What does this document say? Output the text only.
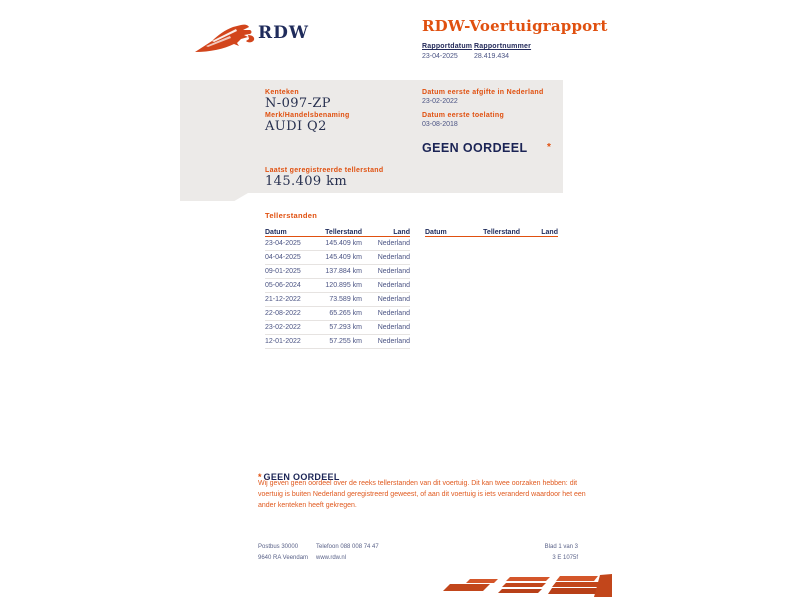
RDW	RDW-Voertuigrapport
Rapportdatum Rapportnummer
23-04-2025 28.419.434
Kenteken
N-097-ZP
Merk/Handelsbenaming
AUDI Q2
Laatst geregistreerde tellerstand
145.409 km
Datum eerste afgifte in Nederland
23-02-2022
Datum eerste toelating
03-08-2018
GEEN OORDEEL *
Tellerstanden
Datum	Tellerstand	Land
23-04-2025	145.409 km	Nederland
04-04-2025	145.409 km	Nederland
09-01-2025	137.884 km	Nederland
05-06-2024	120.895 km	Nederland
21-12-2022	73.589 km	Nederland
22-08-2022	65.265 km	Nederland
23-02-2022	57.293 km	Nederland
12-01-2022	57.255 km	Nederland
Datum	Tellerstand	Land
* GEEN OORDEEL
Wij geven geen oordeel over de reeks tellerstanden van dit voertuig. Dit kan twee oorzaken hebben: dit voertuig is buiten Nederland geregistreerd geweest, of aan dit voertuig is iets veranderd waardoor het een ander kenteken heeft gekregen.
Postbus 30000
9640 RA Veendam
Telefoon 088 008 74 47
www.rdw.nl
Blad 1 van 3
3 E 1075f
